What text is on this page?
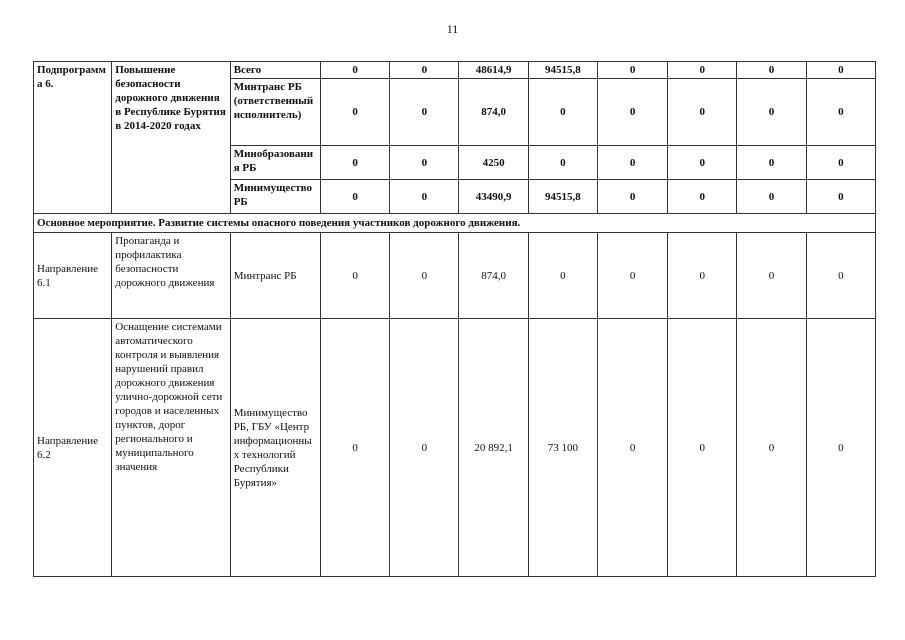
11
Подпрограмма 6.	Повышение безопасности дорожного движения в Республике Бурятия в 2014-2020 годах	Всего	0	0	48614,9	94515,8	0	0	0	0
		Минтранс РБ (ответственный исполнитель)	0	0	874,0	0	0	0	0	0
		Минобразования РБ	0	0	4250	0	0	0	0	0
		Минимущество РБ	0	0	43490,9	94515,8	0	0	0	0
Основное мероприятие. Развитие системы опасного поведения участников дорожного движения.										
Направление 6.1	Пропаганда и профилактика безопасности дорожного движения	Минтранс РБ	0	0	874,0	0	0	0	0	0
Направление 6.2	Оснащение системами автоматического контроля и выявления нарушений правил дорожного движения улично-дорожной сети городов и населенных пунктов, дорог регионального и муниципального значения	Минимущество РБ, ГБУ «Центр информационных технологий Республики Бурятия»	0	0	20 892,1	73 100	0	0	0	0
